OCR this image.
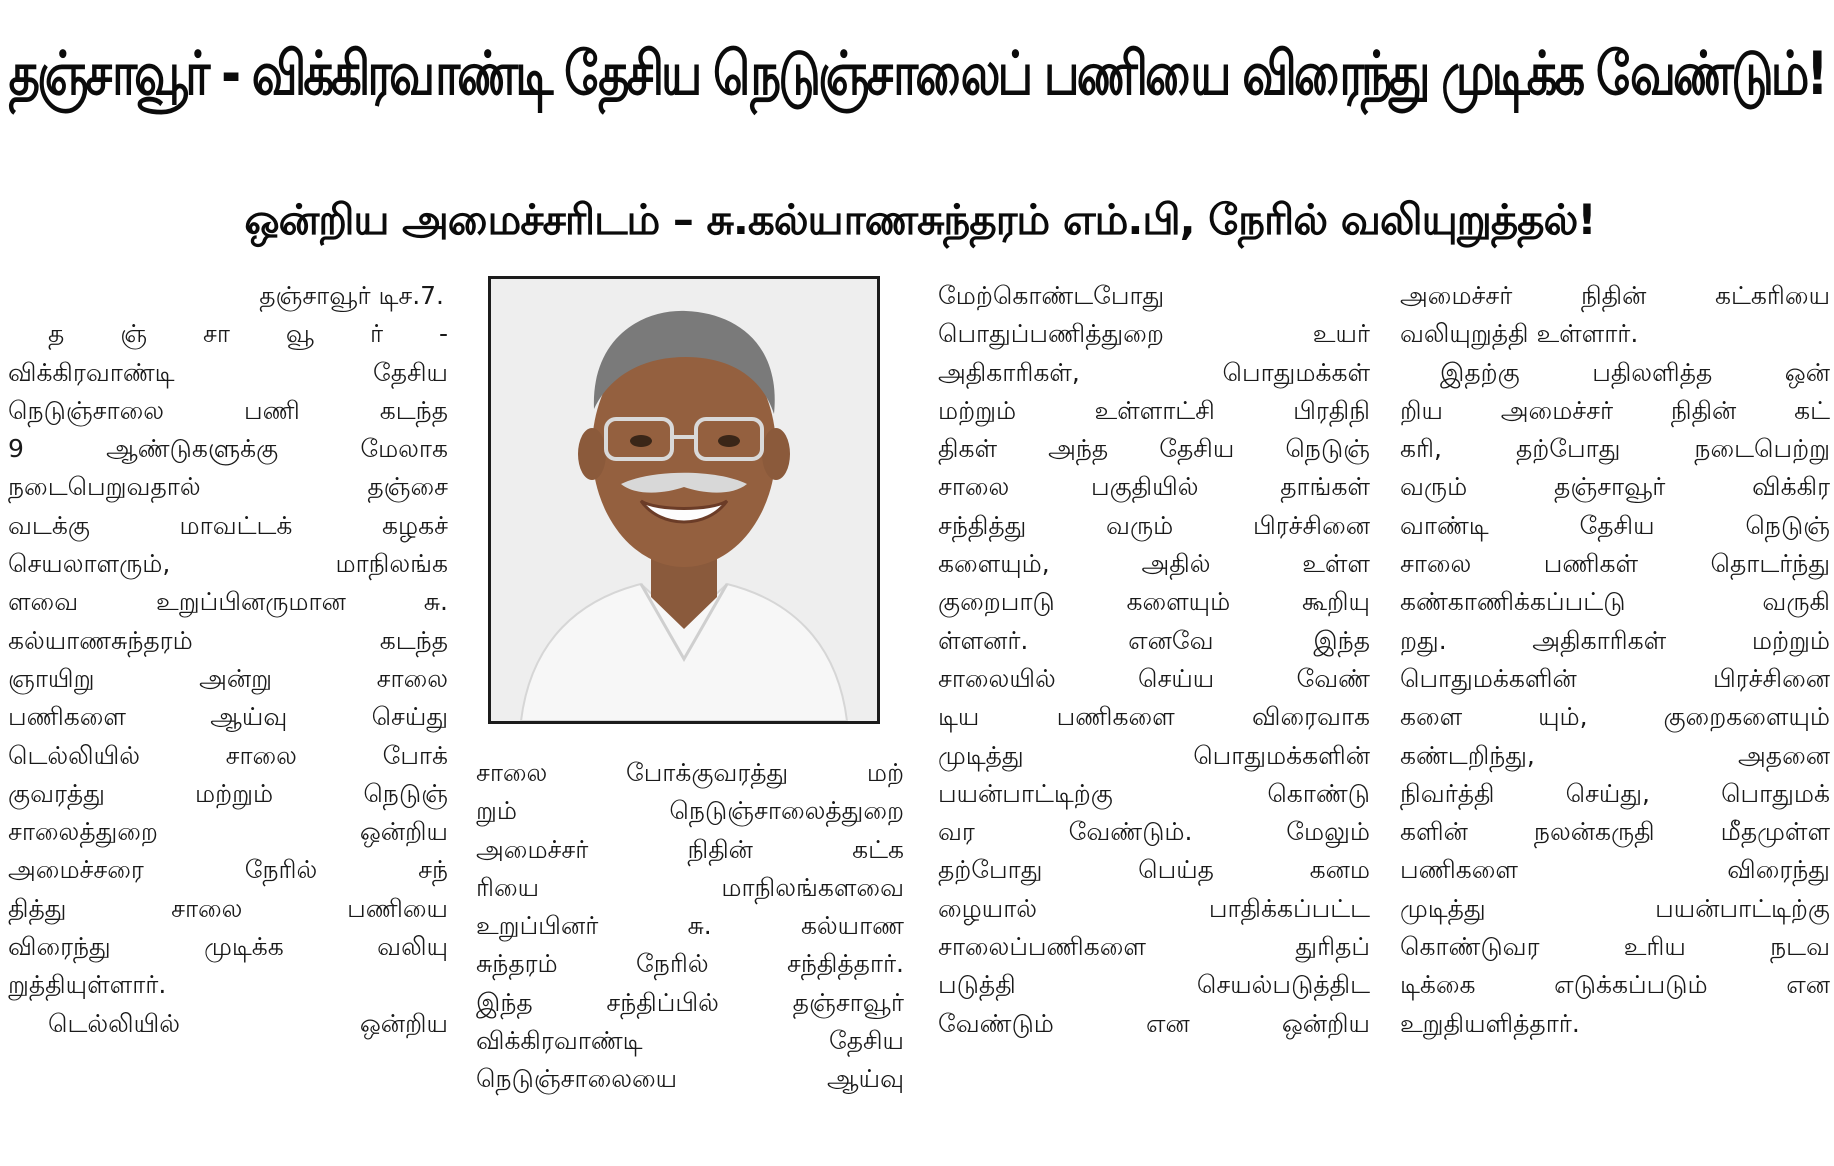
தஞ்சாவூர் - விக்கிரவாண்டி தேசிய நெடுஞ்சாலைப் பணியை விரைந்து முடிக்க வேண்டும்!
ஒன்றிய அமைச்சரிடம் – சு.கல்யாணசுந்தரம் எம்.பி, நேரில் வலியுறுத்தல்!

தஞ்சாவூர் டிச.7.

த ஞ் சா வூ ர் -

விக்கிரவாண்டி தேசிய

நெடுஞ்சாலை பணி கடந்த

9 ஆண்டுகளுக்கு மேலாக

நடைபெறுவதால் தஞ்சை

வடக்கு மாவட்டக் கழகச்

செயலாளரும், மாநிலங்க

ளவை உறுப்பினருமான சு.

கல்யாணசுந்தரம் கடந்த

ஞாயிறு அன்று சாலை

பணிகளை ஆய்வு செய்து

டெல்லியில் சாலை போக்

குவரத்து மற்றும் நெடுஞ்

சாலைத்துறை ஒன்றிய

அமைச்சரை நேரில் சந்

தித்து சாலை பணியை

விரைந்து முடிக்க வலியு

றுத்தியுள்ளார்.

டெல்லியில் ஒன்றிய

சாலை போக்குவரத்து மற்

றும் நெடுஞ்சாலைத்துறை

அமைச்சர் நிதின் கட்க

ரியை மாநிலங்களவை

உறுப்பினர் சு. கல்யாண

சுந்தரம் நேரில் சந்தித்தார்.

இந்த சந்திப்பில் தஞ்சாவூர்

விக்கிரவாண்டி தேசிய

நெடுஞ்சாலையை ஆய்வு

மேற்கொண்டபோது

பொதுப்பணித்துறை உயர்

அதிகாரிகள், பொதுமக்கள்

மற்றும் உள்ளாட்சி பிரதிநி

திகள் அந்த தேசிய நெடுஞ்

சாலை பகுதியில் தாங்கள்

சந்தித்து வரும் பிரச்சினை

களையும், அதில் உள்ள

குறைபாடு களையும் கூறியு

ள்ளனர். எனவே இந்த

சாலையில் செய்ய வேண்

டிய பணிகளை விரைவாக

முடித்து பொதுமக்களின்

பயன்பாட்டிற்கு கொண்டு

வர வேண்டும். மேலும்

தற்போது பெய்த கனம

ழையால் பாதிக்கப்பட்ட

சாலைப்பணிகளை துரிதப்

படுத்தி செயல்படுத்திட

வேண்டும் என ஒன்றிய

அமைச்சர் நிதின் கட்கரியை

வலியுறுத்தி உள்ளார்.

இதற்கு பதிலளித்த ஒன்

றிய அமைச்சர் நிதின் கட்

கரி, தற்போது நடைபெற்று

வரும் தஞ்சாவூர் விக்கிர

வாண்டி தேசிய நெடுஞ்

சாலை பணிகள் தொடர்ந்து

கண்காணிக்கப்பட்டு வருகி

றது. அதிகாரிகள் மற்றும்

பொதுமக்களின் பிரச்சினை

களை யும், குறைகளையும்

கண்டறிந்து, அதனை

நிவர்த்தி செய்து, பொதுமக்

களின் நலன்கருதி மீதமுள்ள

பணிகளை விரைந்து

முடித்து பயன்பாட்டிற்கு

கொண்டுவர உரிய நடவ

டிக்கை எடுக்கப்படும் என

உறுதியளித்தார்.
